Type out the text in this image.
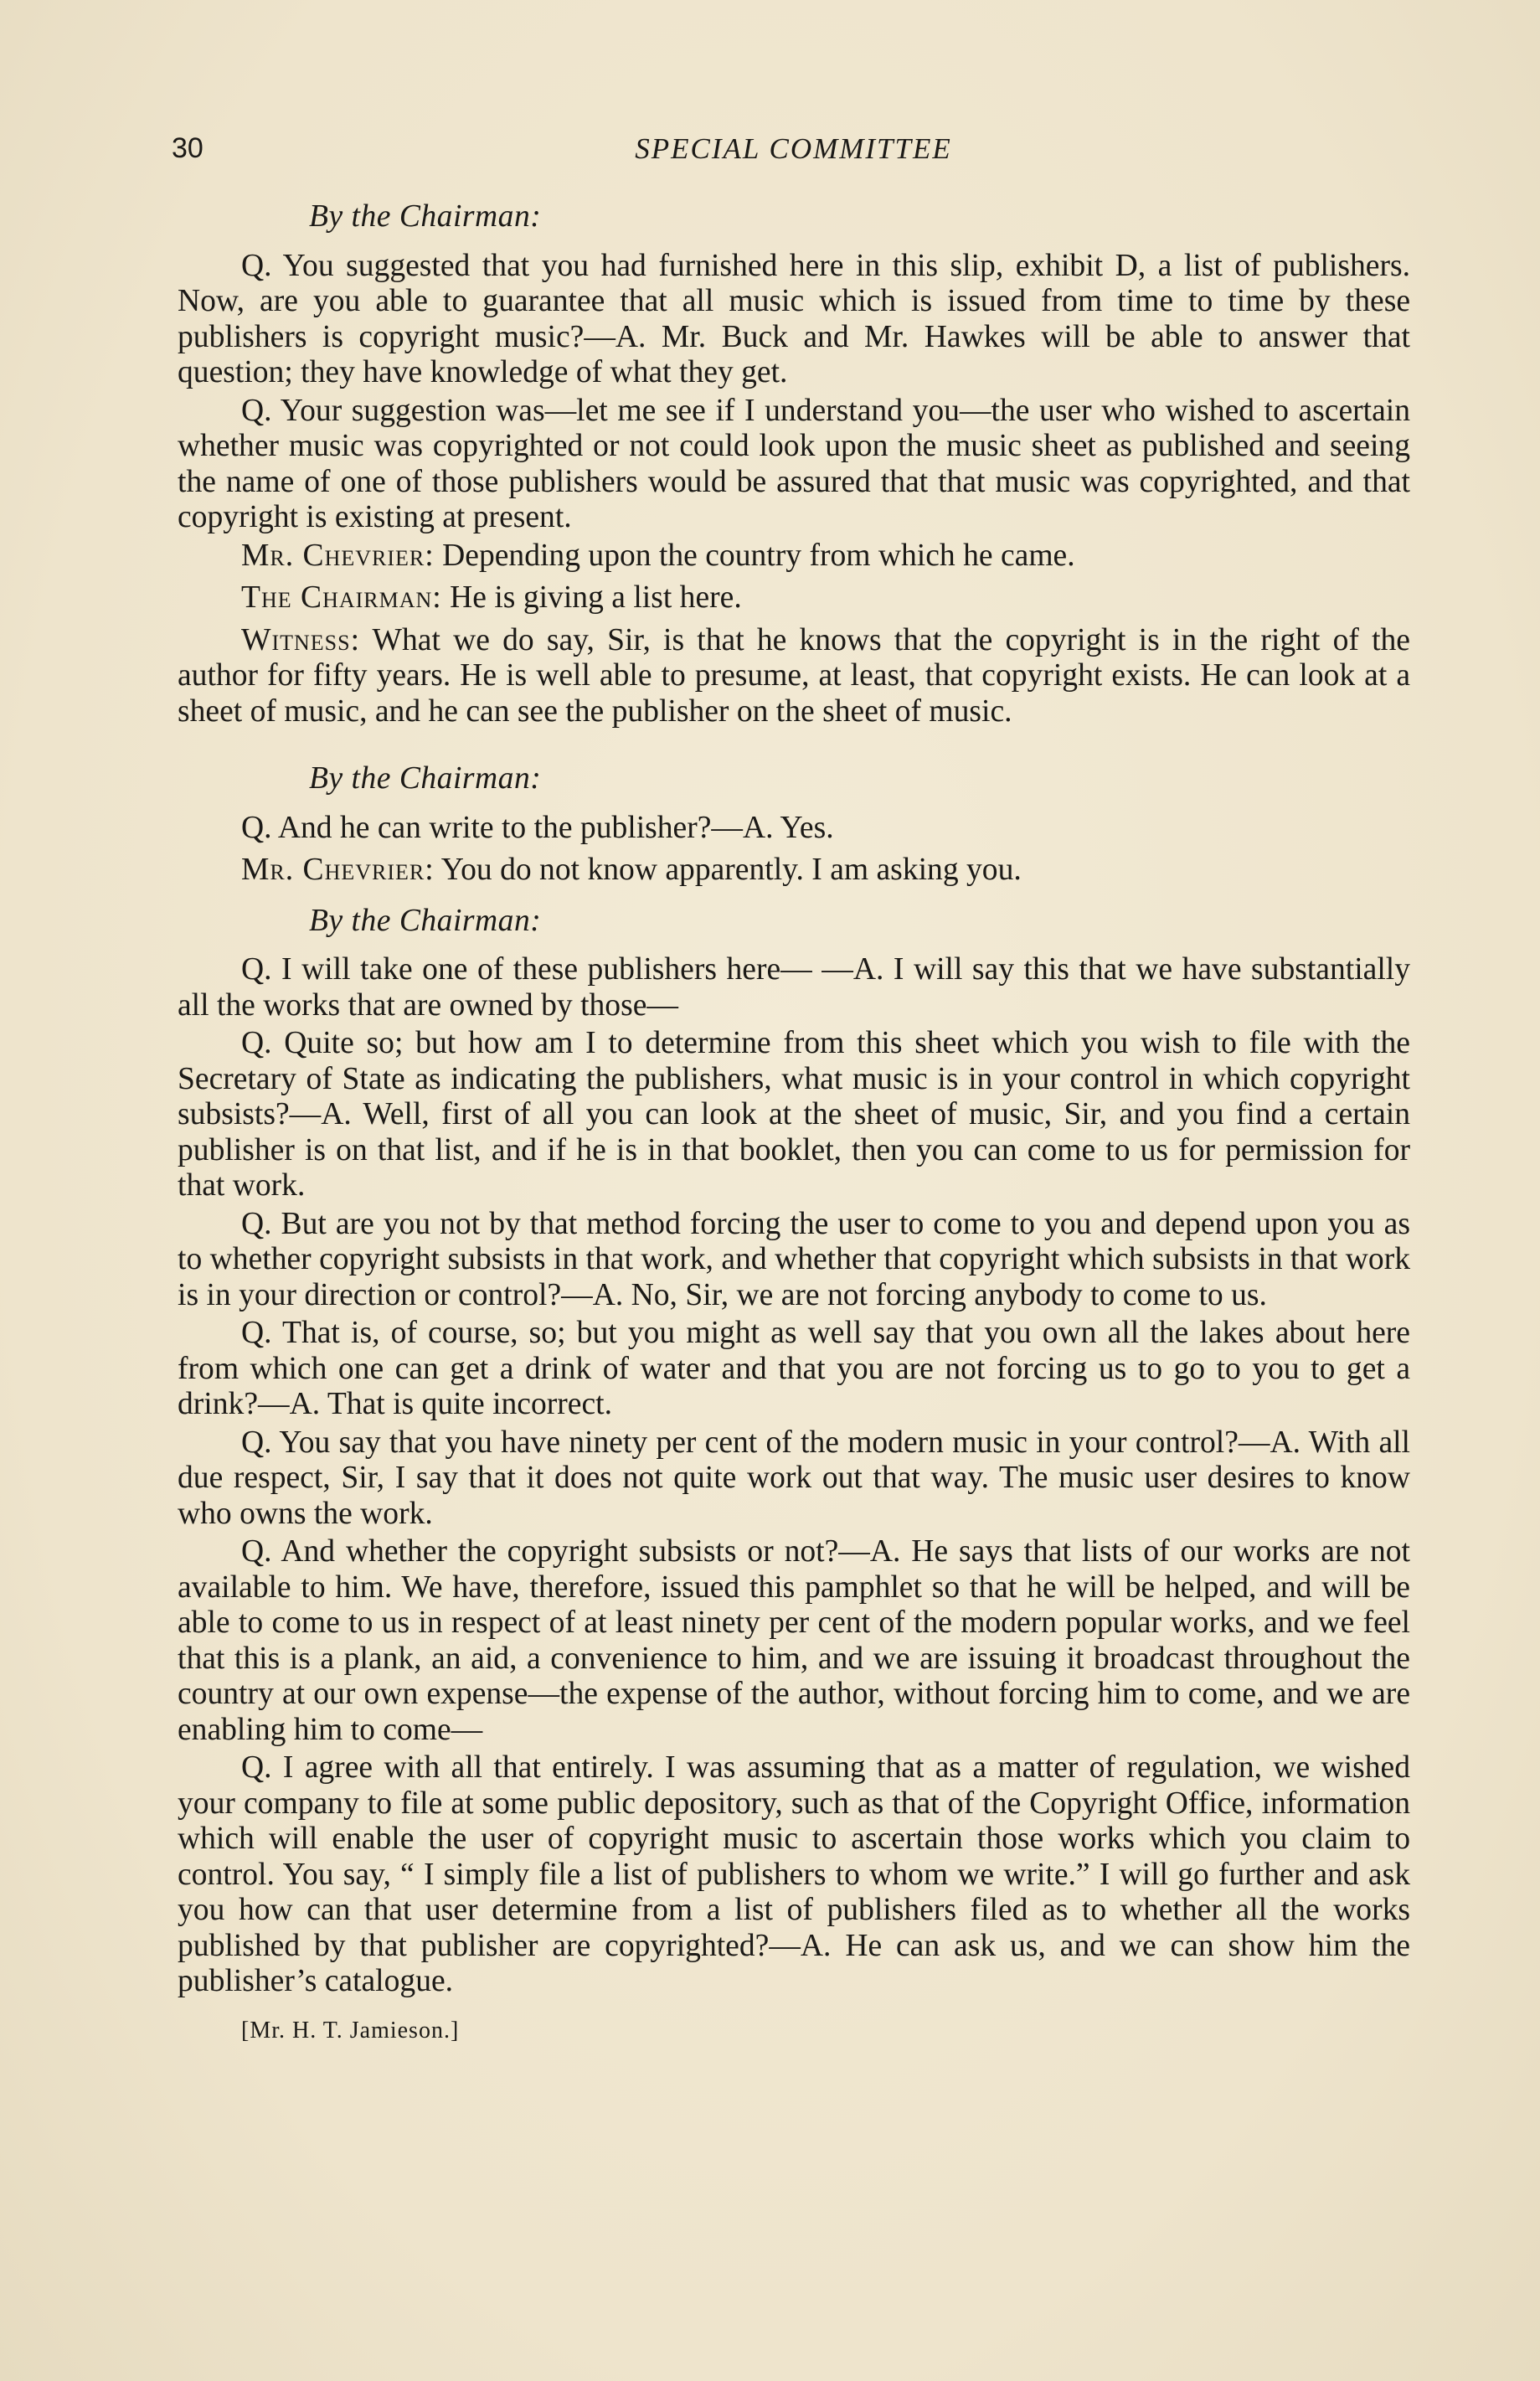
30	SPECIAL COMMITTEE
By the Chairman:

Q. You suggested that you had furnished here in this slip, exhibit D, a list of publishers. Now, are you able to guarantee that all music which is issued from time to time by these publishers is copyright music?—A. Mr. Buck and Mr. Hawkes will be able to answer that question; they have knowledge of what they get.

Q. Your suggestion was—let me see if I understand you—the user who wished to ascertain whether music was copyrighted or not could look upon the music sheet as published and seeing the name of one of those publishers would be assured that that music was copyrighted, and that copyright is existing at present.

Mr. Chevrier: Depending upon the country from which he came.

The Chairman: He is giving a list here.

Witness: What we do say, Sir, is that he knows that the copyright is in the right of the author for fifty years. He is well able to presume, at least, that copyright exists. He can look at a sheet of music, and he can see the publisher on the sheet of music.

By the Chairman:

Q. And he can write to the publisher?—A. Yes.

Mr. Chevrier: You do not know apparently. I am asking you.

By the Chairman:

Q. I will take one of these publishers here— —A. I will say this that we have substantially all the works that are owned by those—

Q. Quite so; but how am I to determine from this sheet which you wish to file with the Secretary of State as indicating the publishers, what music is in your control in which copyright subsists?—A. Well, first of all you can look at the sheet of music, Sir, and you find a certain publisher is on that list, and if he is in that booklet, then you can come to us for permission for that work.

Q. But are you not by that method forcing the user to come to you and depend upon you as to whether copyright subsists in that work, and whether that copyright which subsists in that work is in your direction or control?—A. No, Sir, we are not forcing anybody to come to us.

Q. That is, of course, so; but you might as well say that you own all the lakes about here from which one can get a drink of water and that you are not forcing us to go to you to get a drink?—A. That is quite incorrect.

Q. You say that you have ninety per cent of the modern music in your control?—A. With all due respect, Sir, I say that it does not quite work out that way. The music user desires to know who owns the work.

Q. And whether the copyright subsists or not?—A. He says that lists of our works are not available to him. We have, therefore, issued this pamphlet so that he will be helped, and will be able to come to us in respect of at least ninety per cent of the modern popular works, and we feel that this is a plank, an aid, a convenience to him, and we are issuing it broadcast throughout the country at our own expense—the expense of the author, without forcing him to come, and we are enabling him to come—

Q. I agree with all that entirely. I was assuming that as a matter of regulation, we wished your company to file at some public depository, such as that of the Copyright Office, information which will enable the user of copyright music to ascertain those works which you claim to control. You say, “ I simply file a list of publishers to whom we write.” I will go further and ask you how can that user determine from a list of publishers filed as to whether all the works published by that publisher are copyrighted?—A. He can ask us, and we can show him the publisher’s catalogue.

[Mr. H. T. Jamieson.]
